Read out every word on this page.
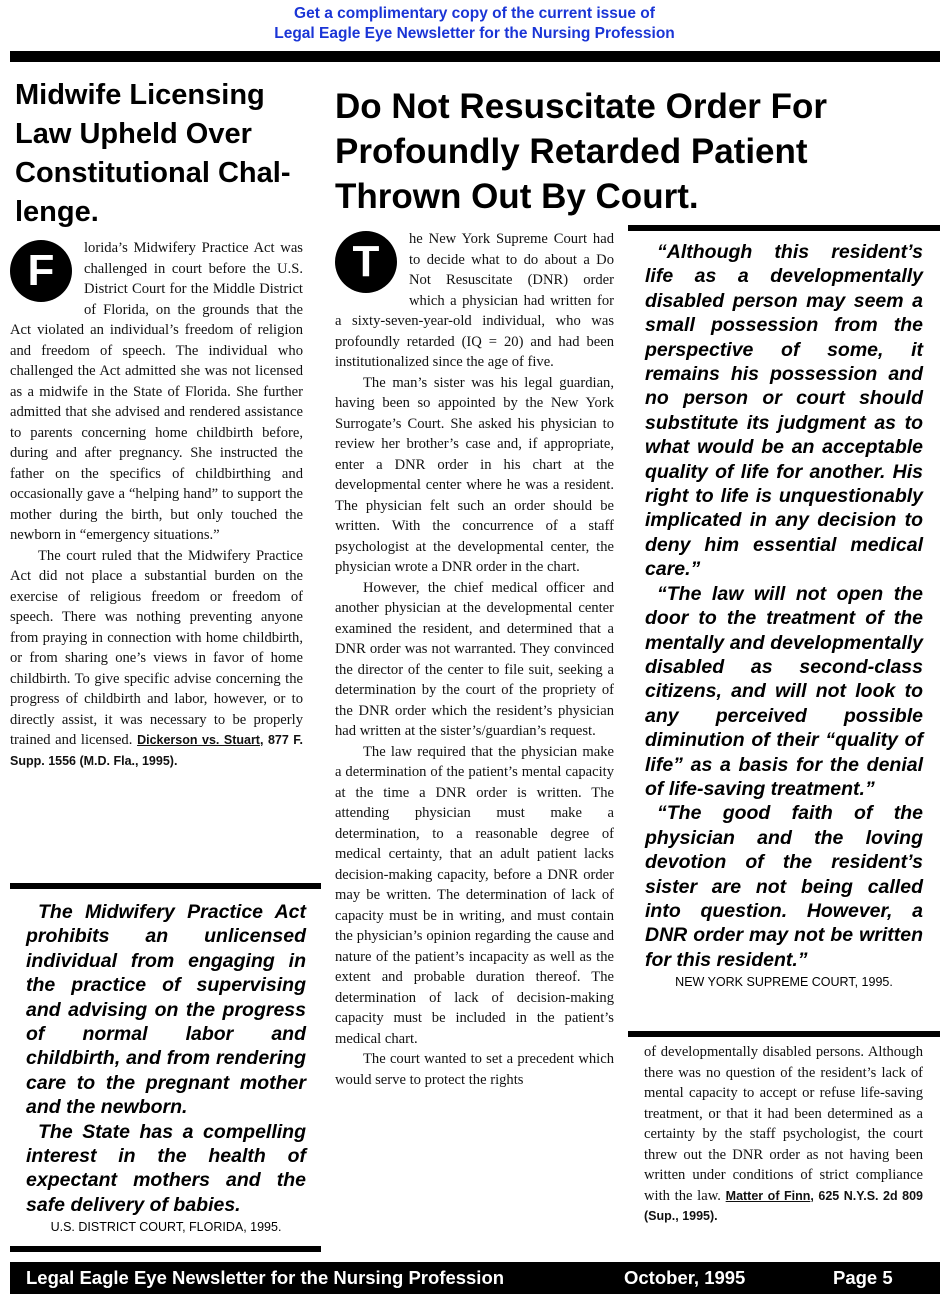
Get a complimentary copy of the current issue of
Legal Eagle Eye Newsletter for the Nursing Profession
Midwife Licensing Law Upheld Over Constitutional Chal-lenge.
Do Not Resuscitate Order For Profoundly Retarded Patient Thrown Out By Court.
F	lorida’s Midwifery Practice Act was challenged in court before the U.S. District Court for the Middle District of Florida, on the grounds that the Act violated an individual’s freedom of religion and freedom of speech. The individual who challenged the Act admitted she was not licensed as a midwife in the State of Florida. She further admitted that she advised and rendered assistance to parents concerning home childbirth before, during and after pregnancy. She instructed the father on the specifics of childbirthing and occasionally gave a “helping hand” to support the mother during the birth, but only touched the newborn in “emergency situations.”

The court ruled that the Midwifery Practice Act did not place a substantial burden on the exercise of religious freedom or freedom of speech. There was nothing preventing anyone from praying in connection with home childbirth, or from sharing one’s views in favor of home childbirth. To give specific advise concerning the progress of childbirth and labor, however, or to directly assist, it was necessary to be properly trained and licensed. Dickerson vs. Stuart, 877 F. Supp. 1556 (M.D. Fla., 1995).

The Midwifery Practice Act prohibits an unlicensed individual from engaging in the practice of supervising and advising on the progress of normal labor and childbirth, and from rendering care to the pregnant mother and the newborn.

The State has a compelling interest in the health of expectant mothers and the safe delivery of babies.

U.S. DISTRICT COURT, FLORIDA, 1995.
T	he New York Supreme Court had to decide what to do about a Do Not Resuscitate (DNR) order which a physician had written for a sixty-seven-year-old individual, who was profoundly retarded (IQ = 20) and had been institutionalized since the age of five.

The man’s sister was his legal guardian, having been so appointed by the New York Surrogate’s Court. She asked his physician to review her brother’s case and, if appropriate, enter a DNR order in his chart at the developmental center where he was a resident. The physician felt such an order should be written. With the concurrence of a staff psychologist at the developmental center, the physician wrote a DNR order in the chart.

However, the chief medical officer and another physician at the developmental center examined the resident, and determined that a DNR order was not warranted. They convinced the director of the center to file suit, seeking a determination by the court of the propriety of the DNR order which the resident’s physician had written at the sister’s/guardian’s request.

The law required that the physician make a determination of the patient’s mental capacity at the time a DNR order is written. The attending physician must make a determination, to a reasonable degree of medical certainty, that an adult patient lacks decision-making capacity, before a DNR order may be written. The determination of lack of capacity must be in writing, and must contain the physician’s opinion regarding the cause and nature of the patient’s incapacity as well as the extent and probable duration thereof. The determination of lack of decision-making capacity must be included in the patient’s medical chart.

The court wanted to set a precedent which would serve to protect the rights

“Although this resident’s life as a developmentally disabled person may seem a small possession from the perspective of some, it remains his possession and no person or court should substitute its judgment as to what would be an acceptable quality of life for another. His right to life is unquestionably implicated in any decision to deny him essential medical care.”

“The law will not open the door to the treatment of the mentally and developmentally disabled as second-class citizens, and will not look to any perceived possible diminution of their “quality of life” as a basis for the denial of life-saving treatment.”

“The good faith of the physician and the loving devotion of the resident’s sister are not being called into question. However, a DNR order may not be written for this resident.”

NEW YORK SUPREME COURT, 1995.

of developmentally disabled persons. Although there was no question of the resident’s lack of mental capacity to accept or refuse life-saving treatment, or that it had been determined as a certainty by the staff psychologist, the court threw out the DNR order as not having been written under conditions of strict compliance with the law. Matter of Finn, 625 N.Y.S. 2d 809 (Sup., 1995).

Legal Eagle Eye Newsletter for the Nursing Profession	October, 1995	Page 5
